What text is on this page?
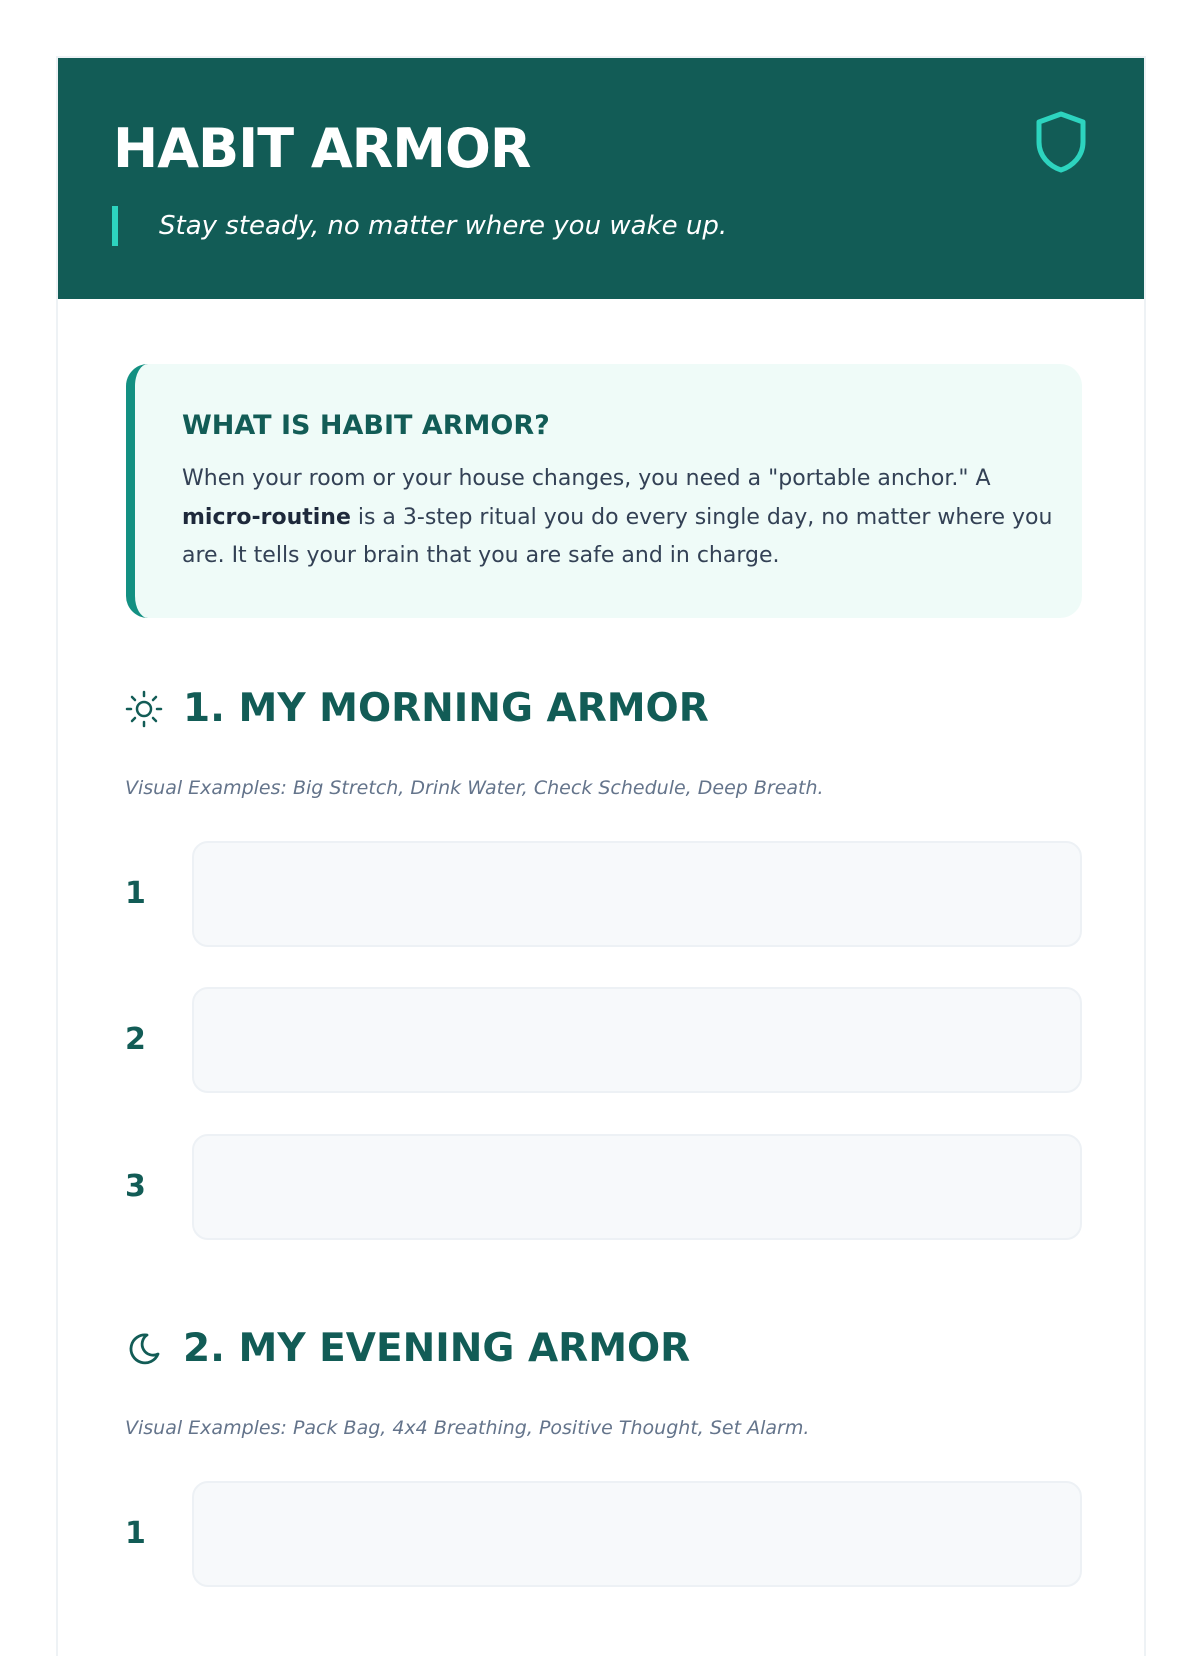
HABIT ARMOR

Stay steady, no matter where you wake up.

WHAT IS HABIT ARMOR?

When your room or your house changes, you need a "portable anchor." A micro-routine is a 3-step ritual you do every single day, no matter where you are. It tells your brain that you are safe and in charge.

1. MY MORNING ARMOR

Visual Examples: Big Stretch, Drink Water, Check Schedule, Deep Breath.

1
2
3
2. MY EVENING ARMOR

Visual Examples: Pack Bag, 4x4 Breathing, Positive Thought, Set Alarm.

1
